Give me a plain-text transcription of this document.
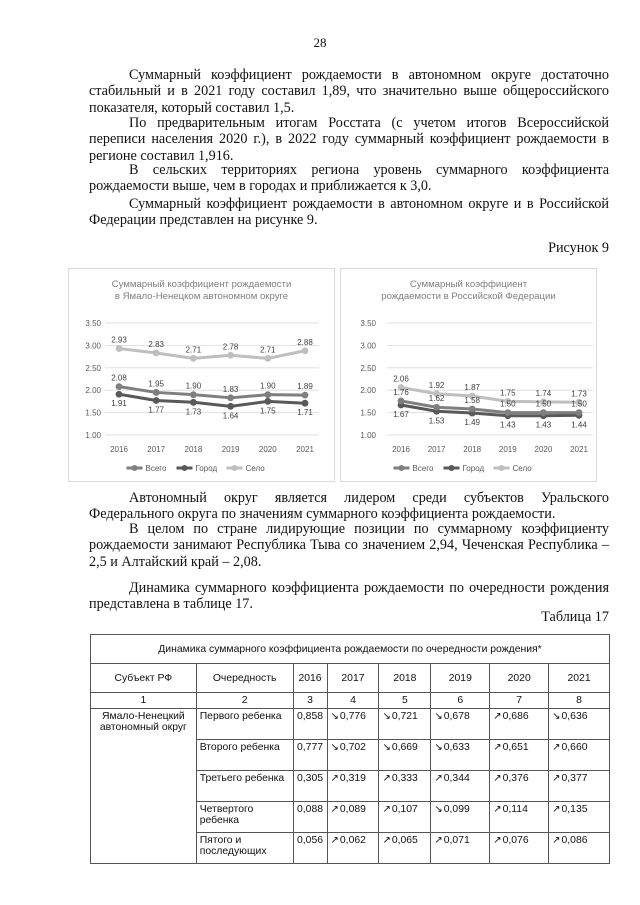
28

Суммарный коэффициент рождаемости в автономном округе достаточно стабильный и в 2021 году составил 1,89, что значительно выше общероссийского показателя, который составил 1,5.

По предварительным итогам Росстата (с учетом итогов Всероссийской переписи населения 2020 г.), в 2022 году суммарный коэффициент рождаемости в регионе составил 1,916.

В сельских территориях региона уровень суммарного коэффициента рождаемости выше, чем в городах и приближается к 3,0.

Суммарный коэффициент рождаемости в автономном округе и в Российской Федерации представлен на рисунке 9.

Рисунок 9
Суммарный коэффициент рождаемости
в Ямало-Ненецком автономном округе
1.00
1.50
2.00
2.50
3.00
3.50
2016 2017 2018 2019 2020 2021
2.93	2.83
2.71	2.78	2.71
2.88
1.91
1.77	1.73	1.64
1.75	1.71
2.08
1.95	1.90	1.83	1.90	1.89
Всего	Город	Село
Суммарный коэффициент
рождаемости в Российской Федерации
1.00
1.50
2.00
2.50
3.00
3.50
2016 2017 2018 2019 2020 2021
2.06
1.92	1.87
1.75	1.74	1.73
1.67
1.53	1.49	1.43	1.43	1.44
1.76
1.62	1.58	1.50	1.50	1.50
Всего	Город	Село

Автономный округ является лидером среди субъектов Уральского Федерального округа по значениям суммарного коэффициента рождаемости.

В целом по стране лидирующие позиции по суммарному коэффициенту рождаемости занимают Республика Тыва со значением 2,94, Чеченская Республика – 2,5 и Алтайский край – 2,08.

Динамика суммарного коэффициента рождаемости по очередности рождения представлена в таблице 17.

Таблица 17
Динамика суммарного коэффициента рождаемости по очередности рождения*							
Субъект РФ	Очередность	2016	2017	2018	2019	2020	2021
1	2	3	4	5	6	7	8
Ямало-Ненецкий автономный округ	Первого ребенка	0,858	↘0,776	↘0,721	↘0,678	↗0,686	↘0,636
	Второго ребенка	0,777	↘0,702	↘0,669	↘0,633	↗0,651	↗0,660
	Третьего ребенка	0,305	↗0,319	↗0,333	↗0,344	↗0,376	↗0,377
	Четвертого ребенка	0,088	↗0,089	↗0,107	↘0,099	↗0,114	↗0,135
	Пятого и последующих	0,056	↗0,062	↗0,065	↗0,071	↗0,076	↗0,086
